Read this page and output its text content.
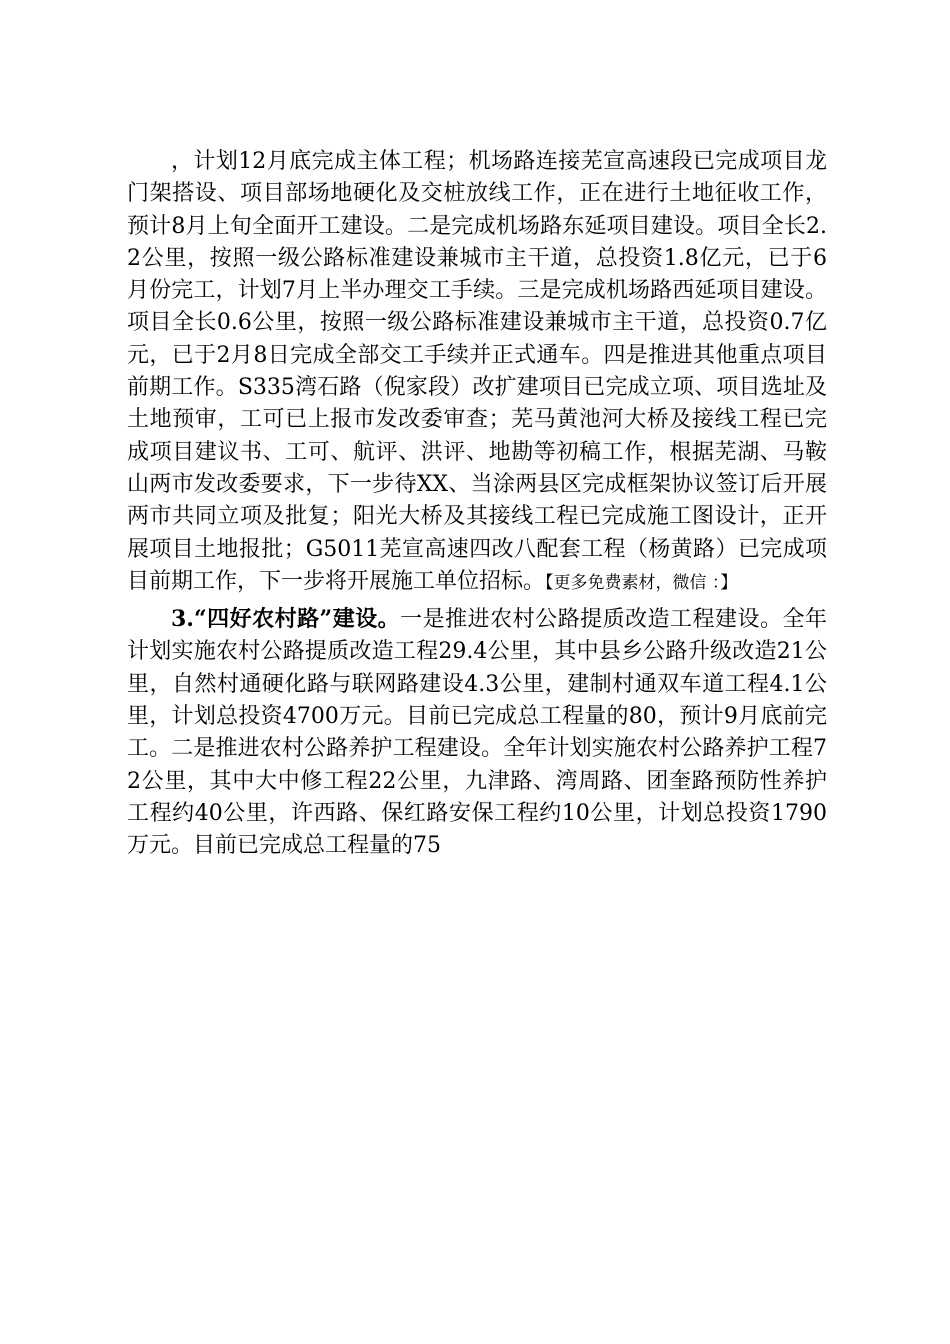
，计划12月底完成主体工程；机场路连接芜宣高速段已完成项目龙门架搭设、项目部场地硬化及交桩放线工作，正在进行土地征收工作，预计8月上旬全面开工建设。二是完成机场路东延项目建设。项目全长2.2公里，按照一级公路标准建设兼城市主干道，总投资1.8亿元，已于6月份完工，计划7月上半办理交工手续。三是完成机场路西延项目建设。项目全长0.6公里，按照一级公路标准建设兼城市主干道，总投资0.7亿元，已于2月8日完成全部交工手续并正式通车。四是推进其他重点项目前期工作。S335湾石路（倪家段）改扩建项目已完成立项、项目选址及土地预审，工可已上报市发改委审查；芜马黄池河大桥及接线工程已完成项目建议书、工可、航评、洪评、地勘等初稿工作，根据芜湖、马鞍山两市发改委要求，下一步待XX、当涂两县区完成框架协议签订后开展两市共同立项及批复；阳光大桥及其接线工程已完成施工图设计，正开展项目土地报批；G5011芜宣高速四改八配套工程（杨黄路）已完成项目前期工作，下一步将开展施工单位招标。【更多免费素材，微信 ：】

3.“四好农村路”建设。一是推进农村公路提质改造工程建设。全年计划实施农村公路提质改造工程29.4公里，其中县乡公路升级改造21公里，自然村通硬化路与联网路建设4.3公里，建制村通双车道工程4.1公里，计划总投资4700万元。目前已完成总工程量的80，预计9月底前完工。二是推进农村公路养护工程建设。全年计划实施农村公路养护工程72公里，其中大中修工程22公里，九津路、湾周路、团奎路预防性养护工程约40公里，许西路、保红路安保工程约10公里，计划总投资1790万元。目前已完成总工程量的75
